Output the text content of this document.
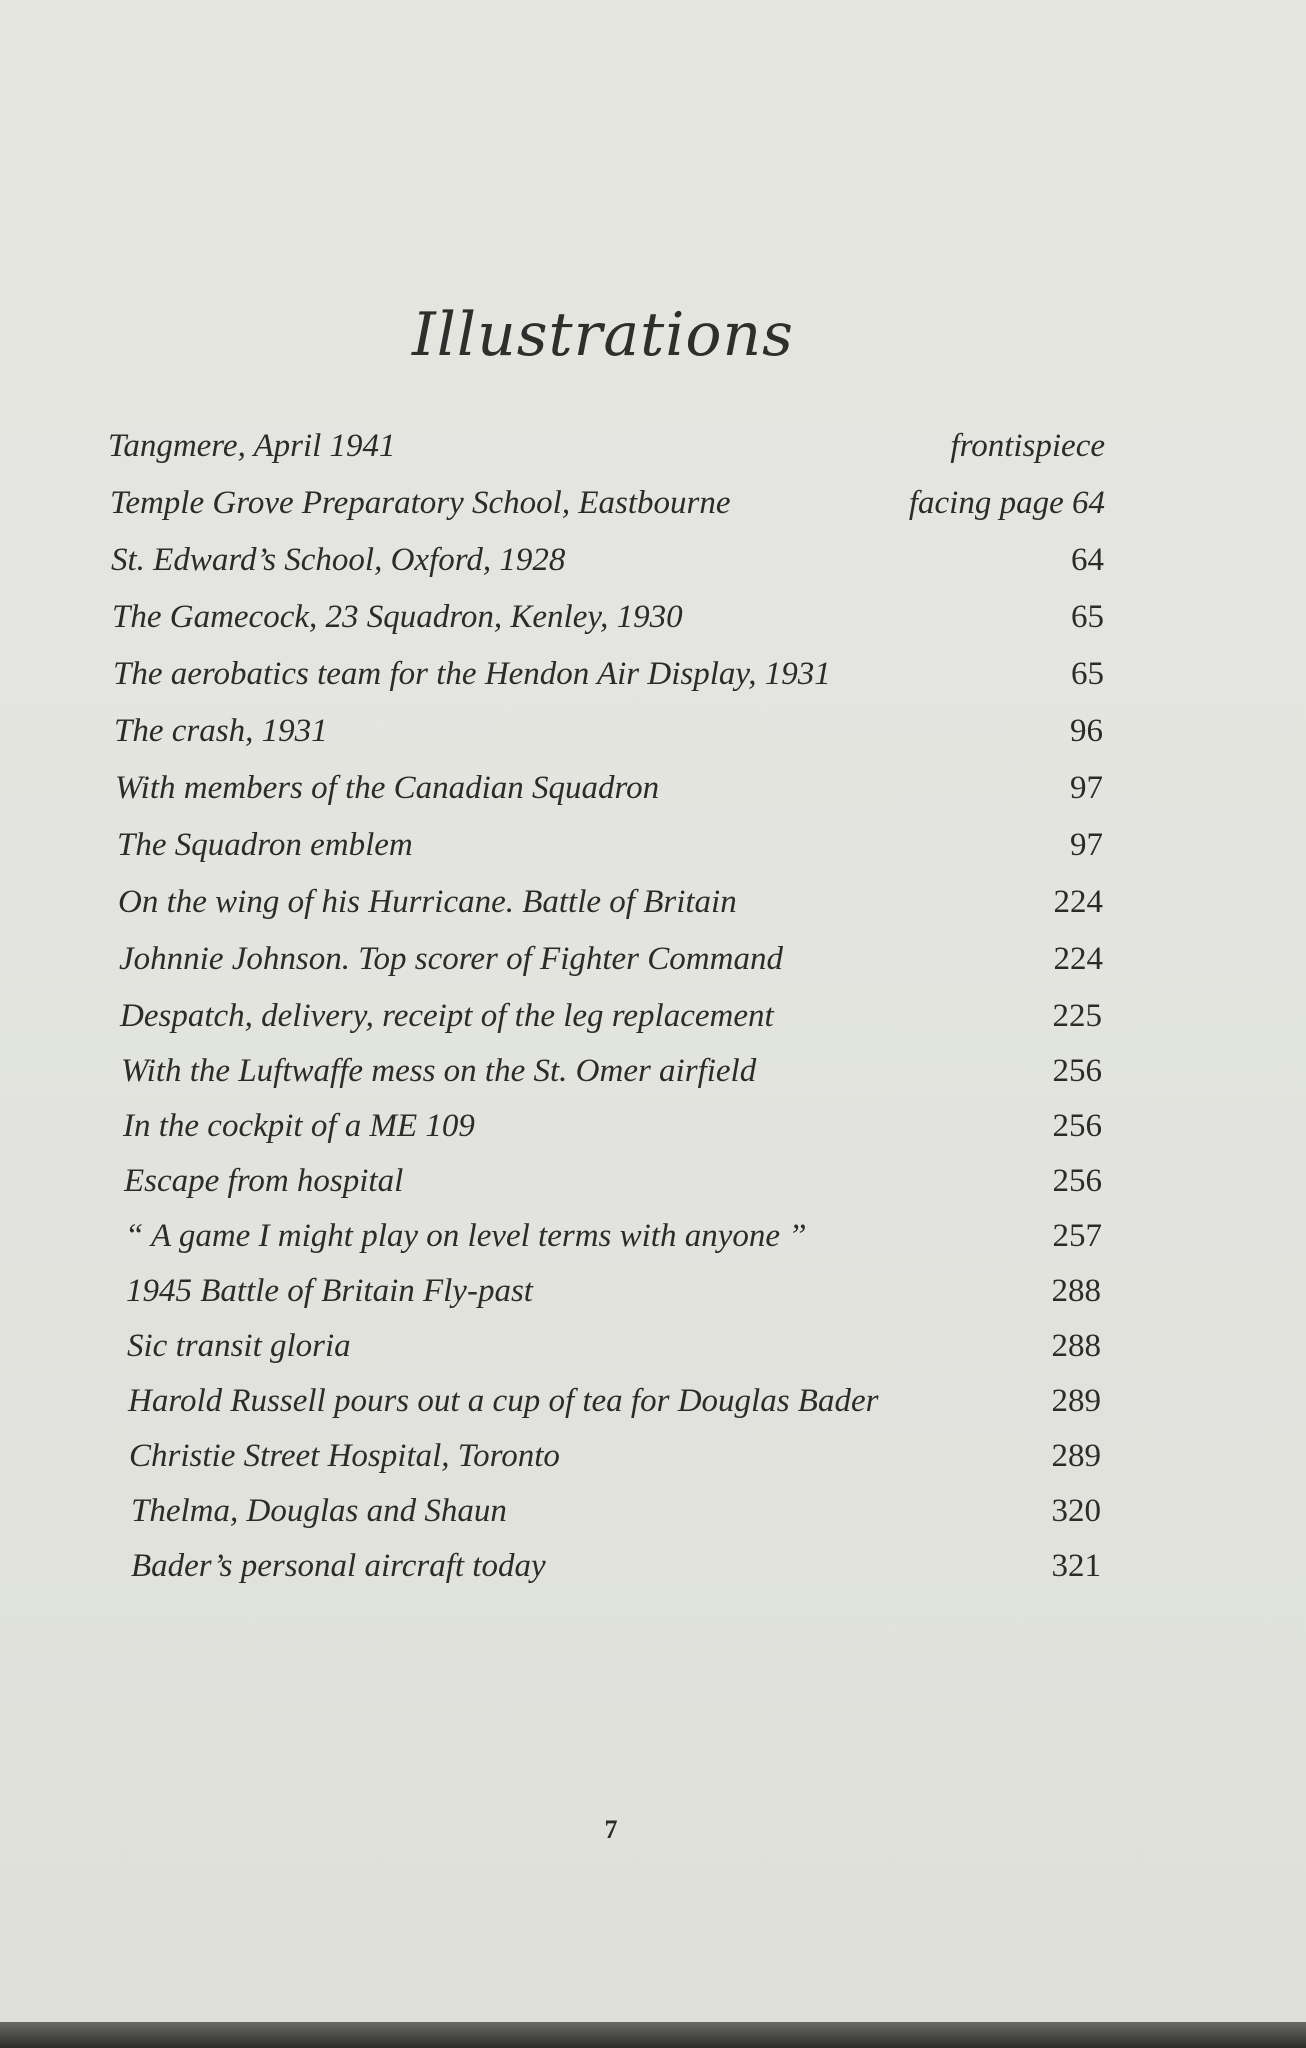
Illustrations
Tangmere, April 1941	frontispiece
Temple Grove Preparatory School, Eastbourne	facing page 64
St. Edward’s School, Oxford, 1928	64
The Gamecock, 23 Squadron, Kenley, 1930	65
The aerobatics team for the Hendon Air Display, 1931	65
The crash, 1931	96
With members of the Canadian Squadron	97
The Squadron emblem	97
On the wing of his Hurricane. Battle of Britain	224
Johnnie Johnson. Top scorer of Fighter Command	224
Despatch, delivery, receipt of the leg replacement	225
With the Luftwaffe mess on the St. Omer airfield	256
In the cockpit of a ME 109	256
Escape from hospital	256
“ A game I might play on level terms with anyone ”	257
1945 Battle of Britain Fly-past	288
Sic transit gloria	288
Harold Russell pours out a cup of tea for Douglas Bader	289
Christie Street Hospital, Toronto	289
Thelma, Douglas and Shaun	320
Bader’s personal aircraft today	321
7
